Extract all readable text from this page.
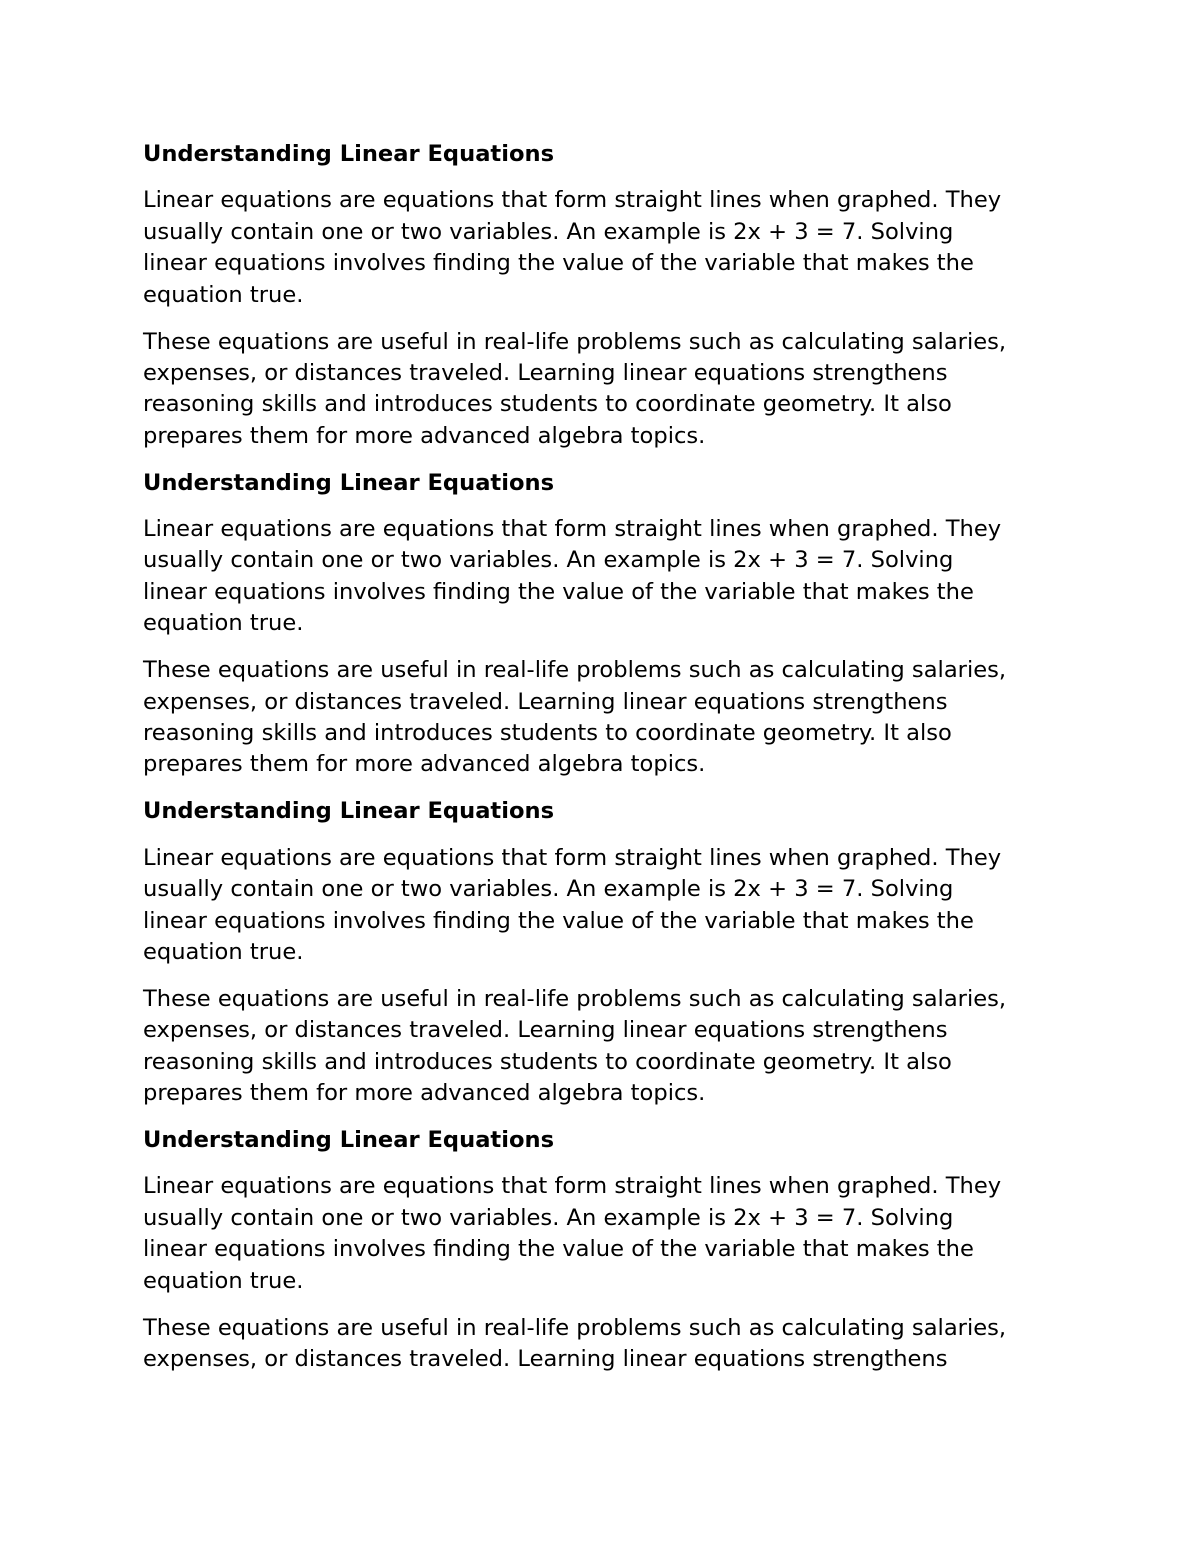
Understanding Linear Equations
Linear equations are equations that form straight lines when graphed. They
usually contain one or two variables. An example is 2x + 3 = 7. Solving
linear equations involves finding the value of the variable that makes the
equation true.
These equations are useful in real-life problems such as calculating salaries,
expenses, or distances traveled. Learning linear equations strengthens
reasoning skills and introduces students to coordinate geometry. It also
prepares them for more advanced algebra topics.
Understanding Linear Equations
Linear equations are equations that form straight lines when graphed. They
usually contain one or two variables. An example is 2x + 3 = 7. Solving
linear equations involves finding the value of the variable that makes the
equation true.
These equations are useful in real-life problems such as calculating salaries,
expenses, or distances traveled. Learning linear equations strengthens
reasoning skills and introduces students to coordinate geometry. It also
prepares them for more advanced algebra topics.
Understanding Linear Equations
Linear equations are equations that form straight lines when graphed. They
usually contain one or two variables. An example is 2x + 3 = 7. Solving
linear equations involves finding the value of the variable that makes the
equation true.
These equations are useful in real-life problems such as calculating salaries,
expenses, or distances traveled. Learning linear equations strengthens
reasoning skills and introduces students to coordinate geometry. It also
prepares them for more advanced algebra topics.
Understanding Linear Equations
Linear equations are equations that form straight lines when graphed. They
usually contain one or two variables. An example is 2x + 3 = 7. Solving
linear equations involves finding the value of the variable that makes the
equation true.
These equations are useful in real-life problems such as calculating salaries,
expenses, or distances traveled. Learning linear equations strengthens
